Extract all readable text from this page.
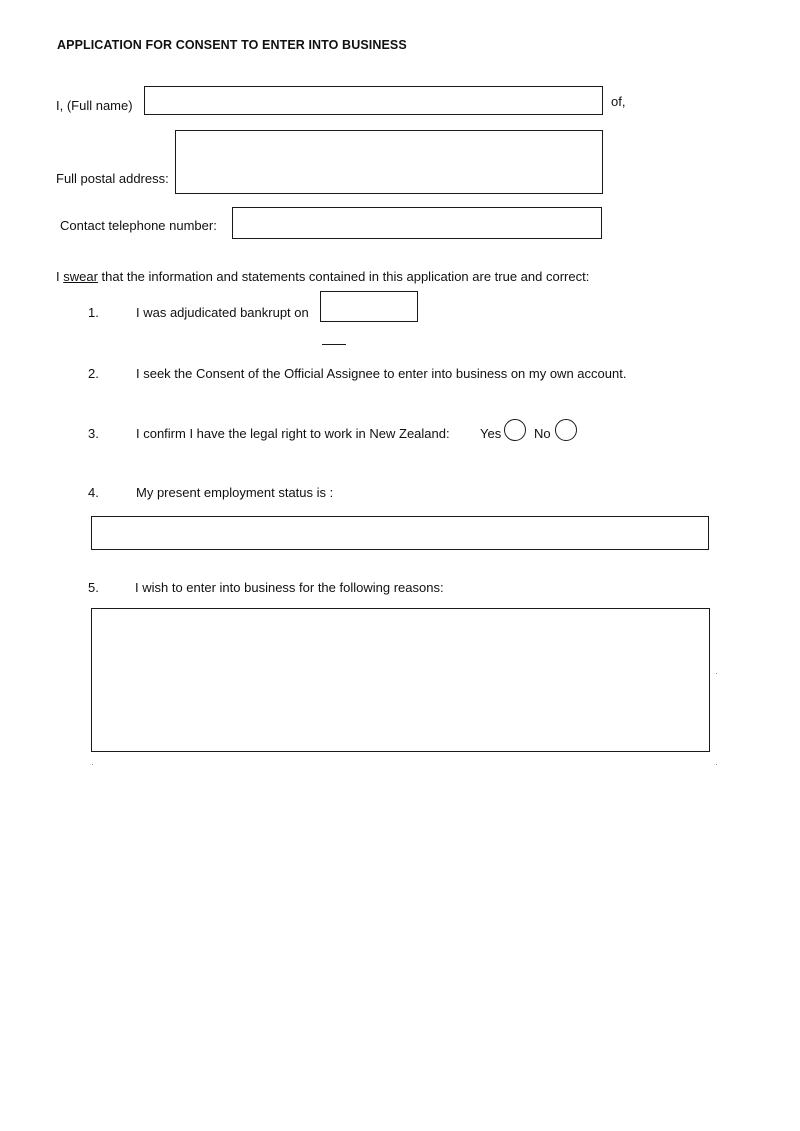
APPLICATION FOR CONSENT TO ENTER INTO BUSINESS
I, (Full name)	of,
Full postal address:
Contact telephone number:
I swear that the information and statements contained in this application are true and correct:
1.	I was adjudicated bankrupt on
2.	I seek the Consent of the Official Assignee to enter into business on my own account.
3.	I confirm I have the legal right to work in New Zealand: Yes	No
4.	My present employment status is :
5.	I wish to enter into business for the following reasons:
